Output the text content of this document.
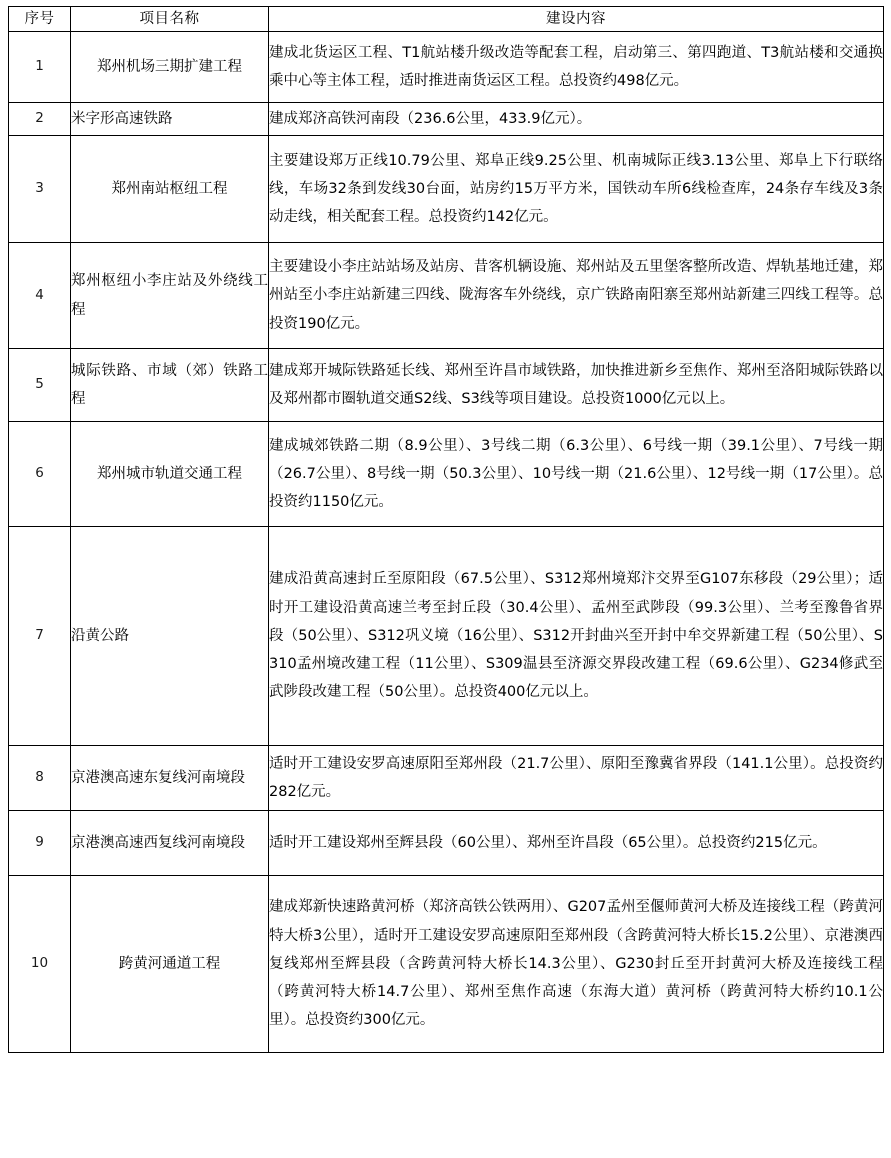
序号	项目名称	建设内容
1	郑州机场三期扩建工程	建成北货运区工程、T1航站楼升级改造等配套工程，启动第三、第四跑道、T3航站楼和交通换乘中心等主体工程，适时推进南货运区工程。总投资约498亿元。
2	米字形高速铁路	建成郑济高铁河南段（236.6公里，433.9亿元）。
3	郑州南站枢纽工程	主要建设郑万正线10.79公里、郑阜正线9.25公里、机南城际正线3.13公里、郑阜上下行联络线，车场32条到发线30台面，站房约15万平方米，国铁动车所6线检查库，24条存车线及3条动走线，相关配套工程。总投资约142亿元。
4	郑州枢纽小李庄站及外绕线工程	主要建设小李庄站站场及站房、昔客机辆设施、郑州站及五里堡客整所改造、焊轨基地迁建，郑州站至小李庄站新建三四线、陇海客车外绕线，京广铁路南阳寨至郑州站新建三四线工程等。总投资190亿元。
5	城际铁路、市域（郊）铁路工程	建成郑开城际铁路延长线、郑州至许昌市域铁路，加快推进新乡至焦作、郑州至洛阳城际铁路以及郑州都市圈轨道交通S2线、S3线等项目建设。总投资1000亿元以上。
6	郑州城市轨道交通工程	建成城郊铁路二期（8.9公里）、3号线二期（6.3公里）、6号线一期（39.1公里）、7号线一期（26.7公里）、8号线一期（50.3公里）、10号线一期（21.6公里）、12号线一期（17公里）。总投资约1150亿元。
7	沿黄公路	建成沿黄高速封丘至原阳段（67.5公里）、S312郑州境郑汴交界至G107东移段（29公里）；适时开工建设沿黄高速兰考至封丘段（30.4公里）、孟州至武陟段（99.3公里）、兰考至豫鲁省界段（50公里）、S312巩义境（16公里）、S312开封曲兴至开封中牟交界新建工程（50公里）、S310孟州境改建工程（11公里）、S309温县至济源交界段改建工程（69.6公里）、G234修武至武陟段改建工程（50公里）。总投资400亿元以上。
8	京港澳高速东复线河南境段	适时开工建设安罗高速原阳至郑州段（21.7公里）、原阳至豫冀省界段（141.1公里）。总投资约282亿元。
9	京港澳高速西复线河南境段	适时开工建设郑州至辉县段（60公里）、郑州至许昌段（65公里）。总投资约215亿元。
10	跨黄河通道工程	建成郑新快速路黄河桥（郑济高铁公铁两用）、G207孟州至偃师黄河大桥及连接线工程（跨黄河特大桥3公里），适时开工建设安罗高速原阳至郑州段（含跨黄河特大桥长15.2公里）、京港澳西复线郑州至辉县段（含跨黄河特大桥长14.3公里）、G230封丘至开封黄河大桥及连接线工程（跨黄河特大桥14.7公里）、郑州至焦作高速（东海大道）黄河桥（跨黄河特大桥约10.1公里）。总投资约300亿元。
